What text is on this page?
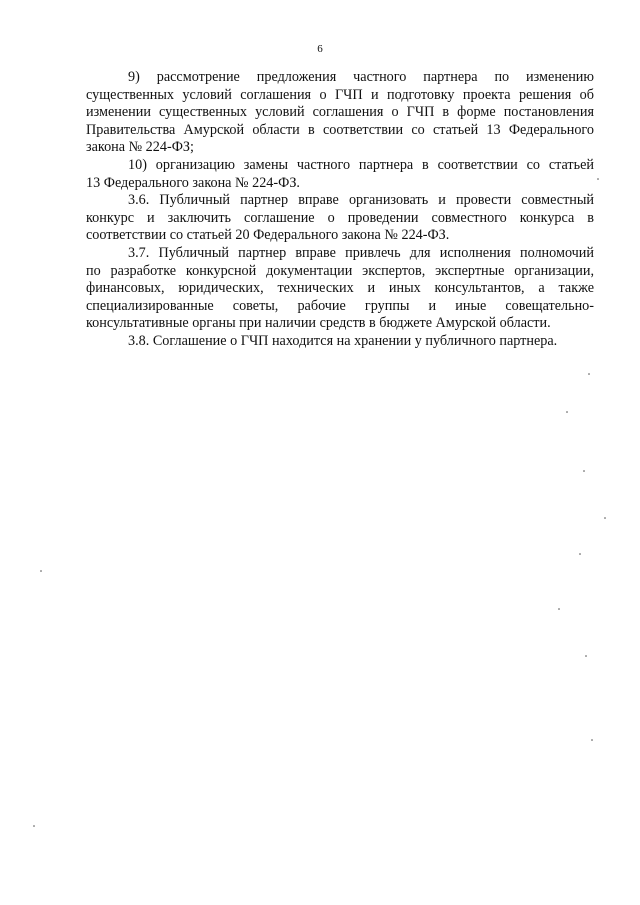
6
9) рассмотрение предложения частного партнера по изменению
существенных условий соглашения о ГЧП и подготовку проекта решения об
изменении существенных условий соглашения о ГЧП в форме постановления
Правительства Амурской области в соответствии со статьей 13 Федерального
закона № 224-ФЗ;
10) организацию замены частного партнера в соответствии со статьей
13 Федерального закона № 224-ФЗ.
3.6. Публичный партнер вправе организовать и провести совместный
конкурс и заключить соглашение о проведении совместного конкурса в
соответствии со статьей 20 Федерального закона № 224-ФЗ.
3.7. Публичный партнер вправе привлечь для исполнения полномочий
по разработке конкурсной документации экспертов, экспертные организации,
финансовых, юридических, технических и иных консультантов, а также
специализированные советы, рабочие группы и иные совещательно-
консультативные органы при наличии средств в бюджете Амурской области.
3.8. Соглашение о ГЧП находится на хранении у публичного партнера.
